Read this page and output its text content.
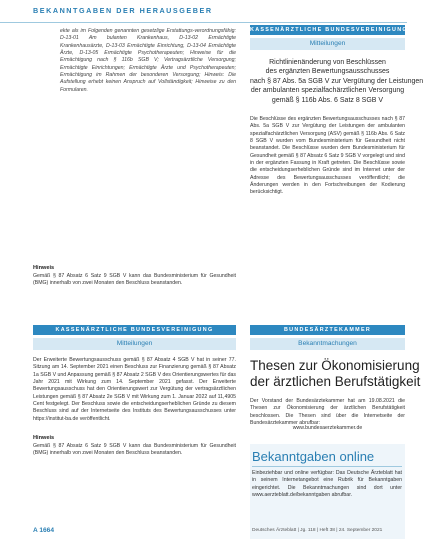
BEKANNTGABEN DER HERAUSGEBER

ekte als im Folgenden genannten gesetzlige Erstattungs-verordnungsfähig: D-13-01 Am bulanten Krankenhaus, D-13-02 Ermächtigte Krankenhausärzte, D-13-03 Ermächtigte Einrichtung, D-13-04 Ermächtigte Ärzte, D-13-05 Ermächtigte Psychotherapeuten; Hinweise für die Ermächtigung nach § 116b SGB V; Vertragsärztliche Versorgung; Ermächtigte Einrichtungen; Ermächtigte Ärzte und Psychotherapeuten; Ermächtigung im Rahmen der besonderen Versorgung; Hinweis: Die Aufstellung erhebt keinen Anspruch auf Vollständigkeit; Hinweise zu den Formularen.

Hinweis

Gemäß § 87 Absatz 6 Satz 9 SGB V kann das Bundesministerium für Gesundheit (BMG) innerhalb von zwei Monaten den Beschluss beanstanden.

KASSENÄRZTLICHE BUNDESVEREINIGUNG
Mitteilungen

Richtlinienänderung von Beschlüssen

des ergänzten Bewertungsausschusses

nach § 87 Abs. 5a SGB V zur Vergütung der Leistungen

der ambulanten spezialfachärztlichen Versorgung

gemäß § 116b Abs. 6 Satz 8 SGB V

Die Beschlüsse des ergänzten Bewertungsausschusses nach § 87 Abs. 5a SGB V zur Vergütung der Leistungen der ambulanten spezialfachärztlichen Versorgung (ASV) gemäß § 116b Abs. 6 Satz 8 SGB V wurden vom Bundesministerium für Gesundheit nicht beanstandet. Die Beschlüsse wurden dem Bundesministerium für Gesundheit gemäß § 87 Absatz 6 Satz 9 SGB V vorgelegt und sind in der ergänzten Fassung in Kraft getreten. Die Beschlüsse sowie die entscheidungserheblichen Gründe sind im Internet unter der Adresse des Bewertungsausschusses veröffentlicht; die Änderungen werden in den Fortschreibungen der Kodierung berücksichtigt.

KASSENÄRZTLICHE BUNDESVEREINIGUNG
Mitteilungen

Der Erweiterte Bewertungsausschuss gemäß § 87 Absatz 4 SGB V hat in seiner 77. Sitzung am 14. September 2021 einen Beschluss zur Finanzierung gemäß § 87 Absatz 1a SGB V und Anpassung gemäß § 87 Absatz 2 SGB V des Orientierungswertes für das Jahr 2021 mit Wirkung zum 14. September 2021 gefasst. Der Erweiterte Bewertungsausschuss hat den Orientierungswert zur Vergütung der vertragsärztlichen Leistungen gemäß § 87 Absatz 2e SGB V mit Wirkung zum 1. Januar 2022 auf 11,4905 Cent festgelegt. Der Beschluss sowie die entscheidungserheblichen Gründe zu diesem Beschluss sind auf der Internetseite des Instituts des Bewertungsausschusses unter https://institut-ba.de veröffentlicht.

Hinweis

Gemäß § 87 Absatz 6 Satz 9 SGB V kann das Bundesministerium für Gesundheit (BMG) innerhalb von zwei Monaten den Beschluss beanstanden.

BUNDESÄRZTEKAMMER
Bekanntmachungen

Thesen zur Ökonomisierung

der ärztlichen Berufstätigkeit

Der Vorstand der Bundesärztekammer hat am 19.08.2021 die Thesen zur Ökonomisierung der ärztlichen Berufstätigkeit beschlossen. Die Thesen sind über die Internetseite der Bundesärztekammer abrufbar:

www.bundesaerztekammer.de

Bekanntgaben online

Einbeziehbar und online verfügbar: Das Deutsche Ärzteblatt hat in seinem Internetangebot eine Rubrik für Bekanntgaben eingerichtet. Die Bekanntmachungen sind dort unter www.aerzteblatt.de/bekanntgaben abrufbar.

A 1664	Deutsches Ärzteblatt | Jg. 118 | Heft 38 | 24. September 2021
